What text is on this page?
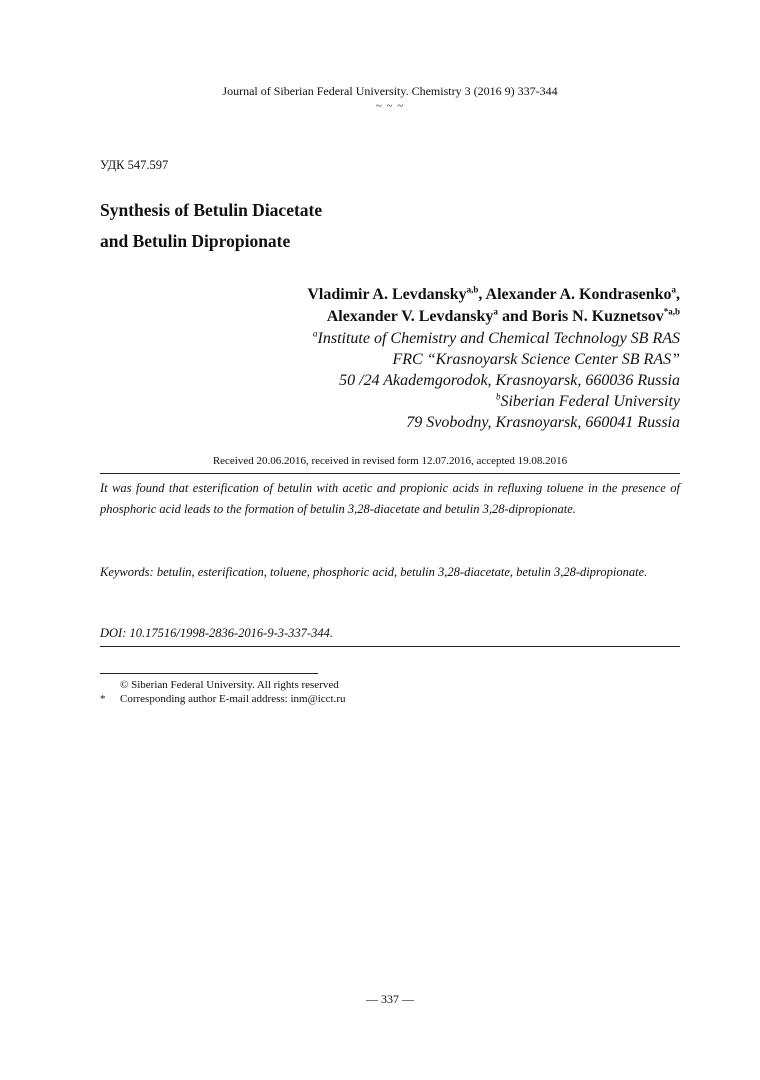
Journal of Siberian Federal University. Chemistry 3 (2016 9) 337-344
~ ~ ~
УДК 547.597
Synthesis of Betulin Diacetate
and Betulin Dipropionate
Vladimir A. Levdansky$^{a,b}$, Alexander A. Kondrasenko$^a$,
Alexander V. Levdansky$^a$ and Boris N. Kuznetsov$^{*a,b}$
$^a$Institute of Chemistry and Chemical Technology SB RAS
FRC “Krasnoyarsk Science Center SB RAS”
50 /24 Akademgorodok, Krasnoyarsk, 660036 Russia
$^b$Siberian Federal University
79 Svobodny, Krasnoyarsk, 660041 Russia
Received 20.06.2016, received in revised form 12.07.2016, accepted 19.08.2016
It was found that esterification of betulin with acetic and propionic acids in refluxing toluene in the presence of phosphoric acid leads to the formation of betulin 3,28-diacetate and betulin 3,28-dipropionate.
Keywords: betulin, esterification, toluene, phosphoric acid, betulin 3,28-diacetate, betulin 3,28-dipropionate.
DOI: 10.17516/1998-2836-2016-9-3-337-344.
© Siberian Federal University. All rights reserved
* Corresponding author E-mail address: inm@icct.ru
― 337 ―
